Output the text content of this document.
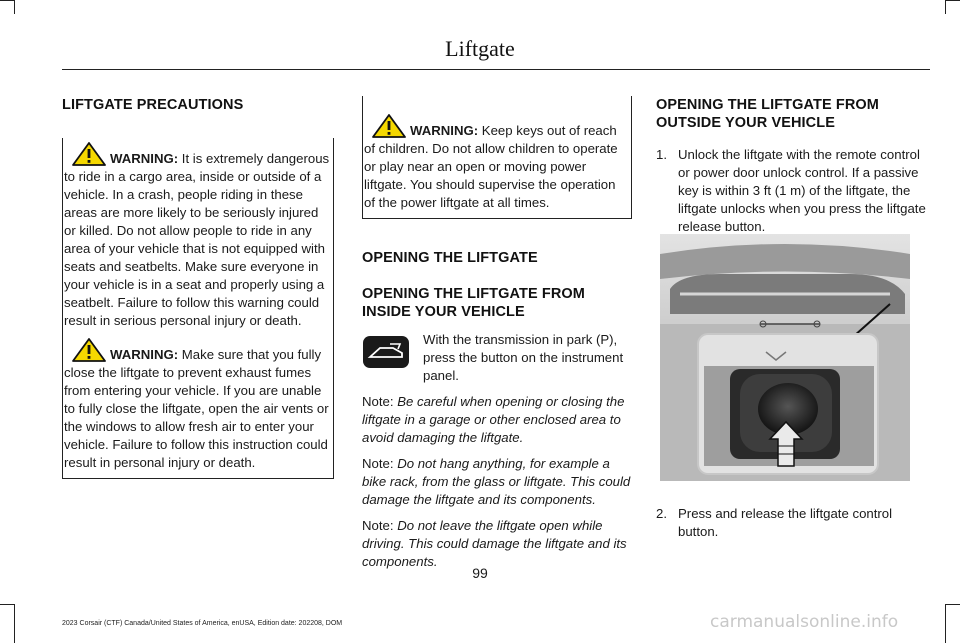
Liftgate
LIFTGATE PRECAUTIONS

WARNING: It is extremely dangerous to ride in a cargo area, inside or outside of a vehicle. In a crash, people riding in these areas are more likely to be seriously injured or killed. Do not allow people to ride in any area of your vehicle that is not equipped with seats and seatbelts. Make sure everyone in your vehicle is in a seat and properly using a seatbelt. Failure to follow this warning could result in serious personal injury or death.

WARNING: Make sure that you fully close the liftgate to prevent exhaust fumes from entering your vehicle. If you are unable to fully close the liftgate, open the air vents or the windows to allow fresh air to enter your vehicle. Failure to follow this instruction could result in personal injury or death.

WARNING: Keep keys out of reach of children. Do not allow children to operate or play near an open or moving power liftgate. You should supervise the operation of the power liftgate at all times.

OPENING THE LIFTGATE
OPENING THE LIFTGATE FROM INSIDE YOUR VEHICLE

With the transmission in park (P), press the button on the instrument panel.

Note: Be careful when opening or closing the liftgate in a garage or other enclosed area to avoid damaging the liftgate.

Note: Do not hang anything, for example a bike rack, from the glass or liftgate. This could damage the liftgate and its components.

Note: Do not leave the liftgate open while driving. This could damage the liftgate and its components.

OPENING THE LIFTGATE FROM OUTSIDE YOUR VEHICLE
1. Unlock the liftgate with the remote control or power door unlock control. If a passive key is within 3 ft (1 m) of the liftgate, the liftgate unlocks when you press the liftgate release button.
2. Press and release the liftgate control button.
99
2023 Corsair (CTF) Canada/United States of America, enUSA, Edition date: 202208, DOM	carmanualsonline.info
